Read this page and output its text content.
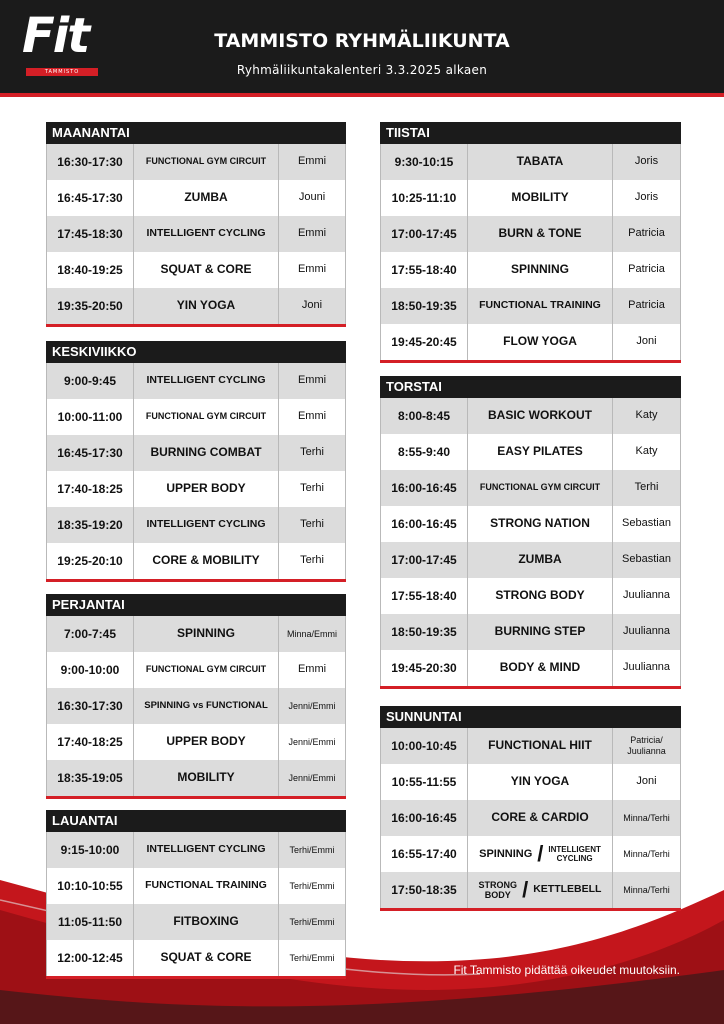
Fit
TAMMISTO
TAMMISTO RYHMÄLIIKUNTA
Ryhmäliikuntakalenteri 3.3.2025 alkaen
MAANANTAI
16:30-17:30	FUNCTIONAL GYM CIRCUIT	Emmi
16:45-17:30	ZUMBA	Jouni
17:45-18:30	INTELLIGENT CYCLING	Emmi
18:40-19:25	SQUAT & CORE	Emmi
19:35-20:50	YIN YOGA	Joni
KESKIVIIKKO
9:00-9:45	INTELLIGENT CYCLING	Emmi
10:00-11:00	FUNCTIONAL GYM CIRCUIT	Emmi
16:45-17:30	BURNING COMBAT	Terhi
17:40-18:25	UPPER BODY	Terhi
18:35-19:20	INTELLIGENT CYCLING	Terhi
19:25-20:10	CORE & MOBILITY	Terhi
PERJANTAI
7:00-7:45	SPINNING	Minna/Emmi
9:00-10:00	FUNCTIONAL GYM CIRCUIT	Emmi
16:30-17:30	SPINNING vs FUNCTIONAL	Jenni/Emmi
17:40-18:25	UPPER BODY	Jenni/Emmi
18:35-19:05	MOBILITY	Jenni/Emmi
LAUANTAI
9:15-10:00	INTELLIGENT CYCLING	Terhi/Emmi
10:10-10:55	FUNCTIONAL TRAINING	Terhi/Emmi
11:05-11:50	FITBOXING	Terhi/Emmi
12:00-12:45	SQUAT & CORE	Terhi/Emmi
TIISTAI
9:30-10:15	TABATA	Joris
10:25-11:10	MOBILITY	Joris
17:00-17:45	BURN & TONE	Patricia
17:55-18:40	SPINNING	Patricia
18:50-19:35	FUNCTIONAL TRAINING	Patricia
19:45-20:45	FLOW YOGA	Joni
TORSTAI
8:00-8:45	BASIC WORKOUT	Katy
8:55-9:40	EASY PILATES	Katy
16:00-16:45	FUNCTIONAL GYM CIRCUIT	Terhi
16:00-16:45	STRONG NATION	Sebastian
17:00-17:45	ZUMBA	Sebastian
17:55-18:40	STRONG BODY	Juulianna
18:50-19:35	BURNING STEP	Juulianna
19:45-20:30	BODY & MIND	Juulianna
SUNNUNTAI
10:00-10:45	FUNCTIONAL HIIT	Patricia/
Juulianna
10:55-11:55	YIN YOGA	Joni
16:00-16:45	CORE & CARDIO	Minna/Terhi
16:55-17:40	SPINNING / INTELLIGENT
CYCLING	Minna/Terhi
17:50-18:35	STRONG
BODY / KETTLEBELL	Minna/Terhi
Fit Tammisto pidättää oikeudet muutoksiin.
